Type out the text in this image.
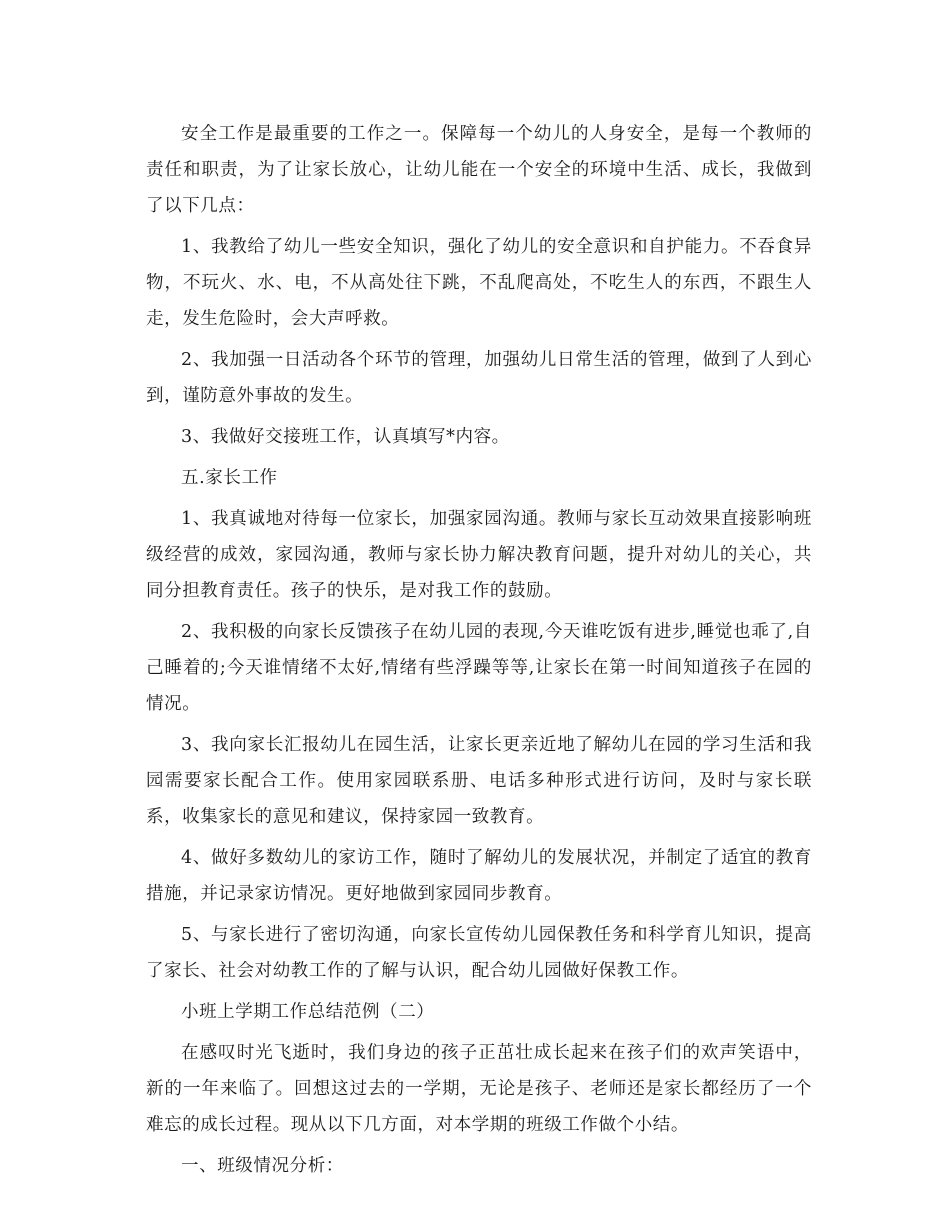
安全工作是最重要的工作之一。保障每一个幼儿的人身安全，是每一个教师的责任和职责，为了让家长放心，让幼儿能在一个安全的环境中生活、成长，我做到了以下几点：

1、我教给了幼儿一些安全知识，强化了幼儿的安全意识和自护能力。不吞食异物，不玩火、水、电，不从高处往下跳，不乱爬高处，不吃生人的东西，不跟生人走，发生危险时，会大声呼救。

2、我加强一日活动各个环节的管理，加强幼儿日常生活的管理，做到了人到心到，谨防意外事故的发生。

3、我做好交接班工作，认真填写*内容。

五.家长工作

1、我真诚地对待每一位家长，加强家园沟通。教师与家长互动效果直接影响班级经营的成效，家园沟通，教师与家长协力解决教育问题，提升对幼儿的关心，共同分担教育责任。孩子的快乐，是对我工作的鼓励。

2、我积极的向家长反馈孩子在幼儿园的表现,今天谁吃饭有进步,睡觉也乖了,自己睡着的;今天谁情绪不太好,情绪有些浮躁等等,让家长在第一时间知道孩子在园的情况。

3、我向家长汇报幼儿在园生活，让家长更亲近地了解幼儿在园的学习生活和我园需要家长配合工作。使用家园联系册、电话多种形式进行访问，及时与家长联系，收集家长的意见和建议，保持家园一致教育。

4、做好多数幼儿的家访工作，随时了解幼儿的发展状况，并制定了适宜的教育措施，并记录家访情况。更好地做到家园同步教育。

5、与家长进行了密切沟通，向家长宣传幼儿园保教任务和科学育儿知识，提高了家长、社会对幼教工作的了解与认识，配合幼儿园做好保教工作。

小班上学期工作总结范例（二）

在感叹时光飞逝时，我们身边的孩子正茁壮成长起来在孩子们的欢声笑语中，新的一年来临了。回想这过去的一学期，无论是孩子、老师还是家长都经历了一个难忘的成长过程。现从以下几方面，对本学期的班级工作做个小结。

一、班级情况分析：
